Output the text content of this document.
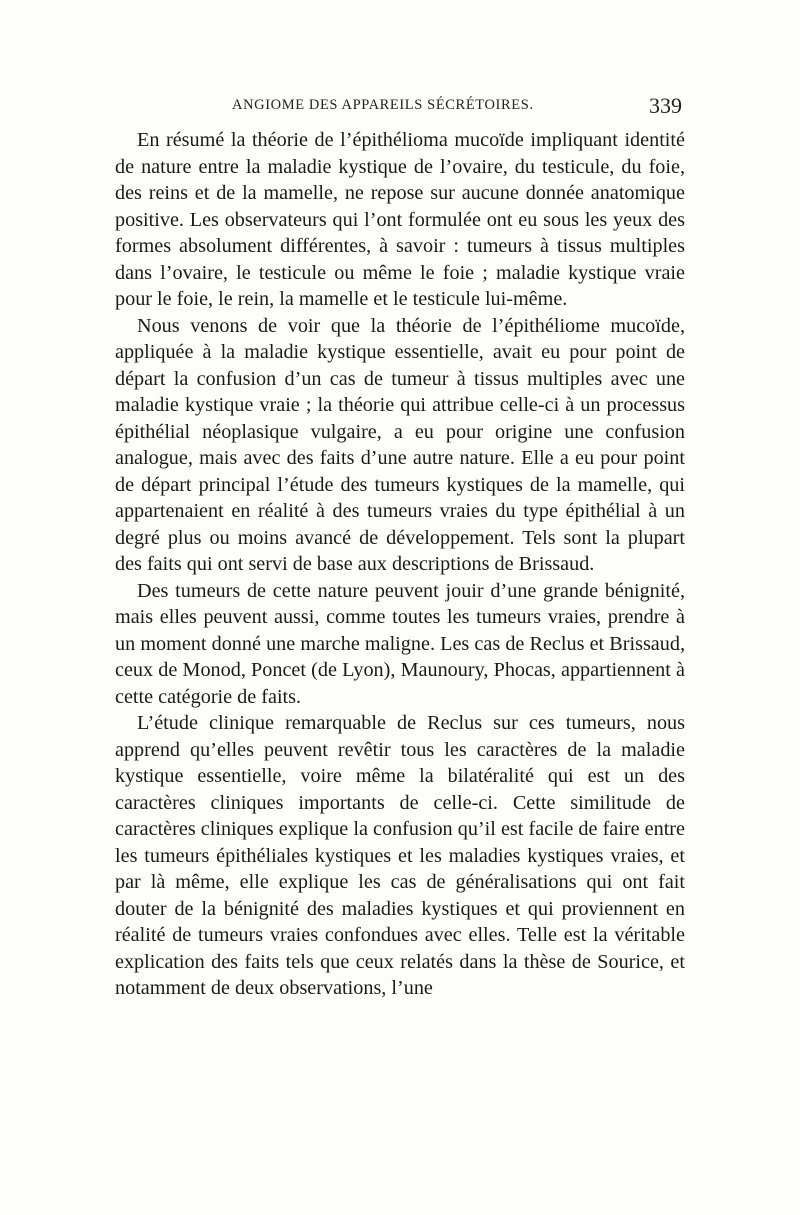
ANGIOME DES APPAREILS SÉCRÉTOIRES.	339

En résumé la théorie de l’épithélioma mucoïde impliquant identité de nature entre la maladie kystique de l’ovaire, du testicule, du foie, des reins et de la mamelle, ne repose sur aucune donnée anatomique positive. Les observateurs qui l’ont formulée ont eu sous les yeux des formes absolument différentes, à savoir : tumeurs à tissus multiples dans l’ovaire, le testicule ou même le foie ; maladie kystique vraie pour le foie, le rein, la mamelle et le testicule lui-même.

Nous venons de voir que la théorie de l’épithéliome mucoïde, appliquée à la maladie kystique essentielle, avait eu pour point de départ la confusion d’un cas de tumeur à tissus multiples avec une maladie kystique vraie ; la théorie qui attribue celle-ci à un processus épithélial néoplasique vulgaire, a eu pour origine une confusion analogue, mais avec des faits d’une autre nature. Elle a eu pour point de départ principal l’étude des tumeurs kystiques de la mamelle, qui appartenaient en réalité à des tumeurs vraies du type épithélial à un degré plus ou moins avancé de développement. Tels sont la plupart des faits qui ont servi de base aux descriptions de Brissaud.

Des tumeurs de cette nature peuvent jouir d’une grande bénignité, mais elles peuvent aussi, comme toutes les tumeurs vraies, prendre à un moment donné une marche maligne. Les cas de Reclus et Brissaud, ceux de Monod, Poncet (de Lyon), Maunoury, Phocas, appartiennent à cette catégorie de faits.

L’étude clinique remarquable de Reclus sur ces tumeurs, nous apprend qu’elles peuvent revêtir tous les caractères de la maladie kystique essentielle, voire même la bilatéralité qui est un des caractères cliniques importants de celle-ci. Cette similitude de caractères cliniques explique la confusion qu’il est facile de faire entre les tumeurs épithéliales kystiques et les maladies kystiques vraies, et par là même, elle explique les cas de généralisations qui ont fait douter de la bénignité des maladies kystiques et qui proviennent en réalité de tumeurs vraies confondues avec elles. Telle est la véritable explication des faits tels que ceux relatés dans la thèse de Sourice, et notamment de deux observations, l’une
